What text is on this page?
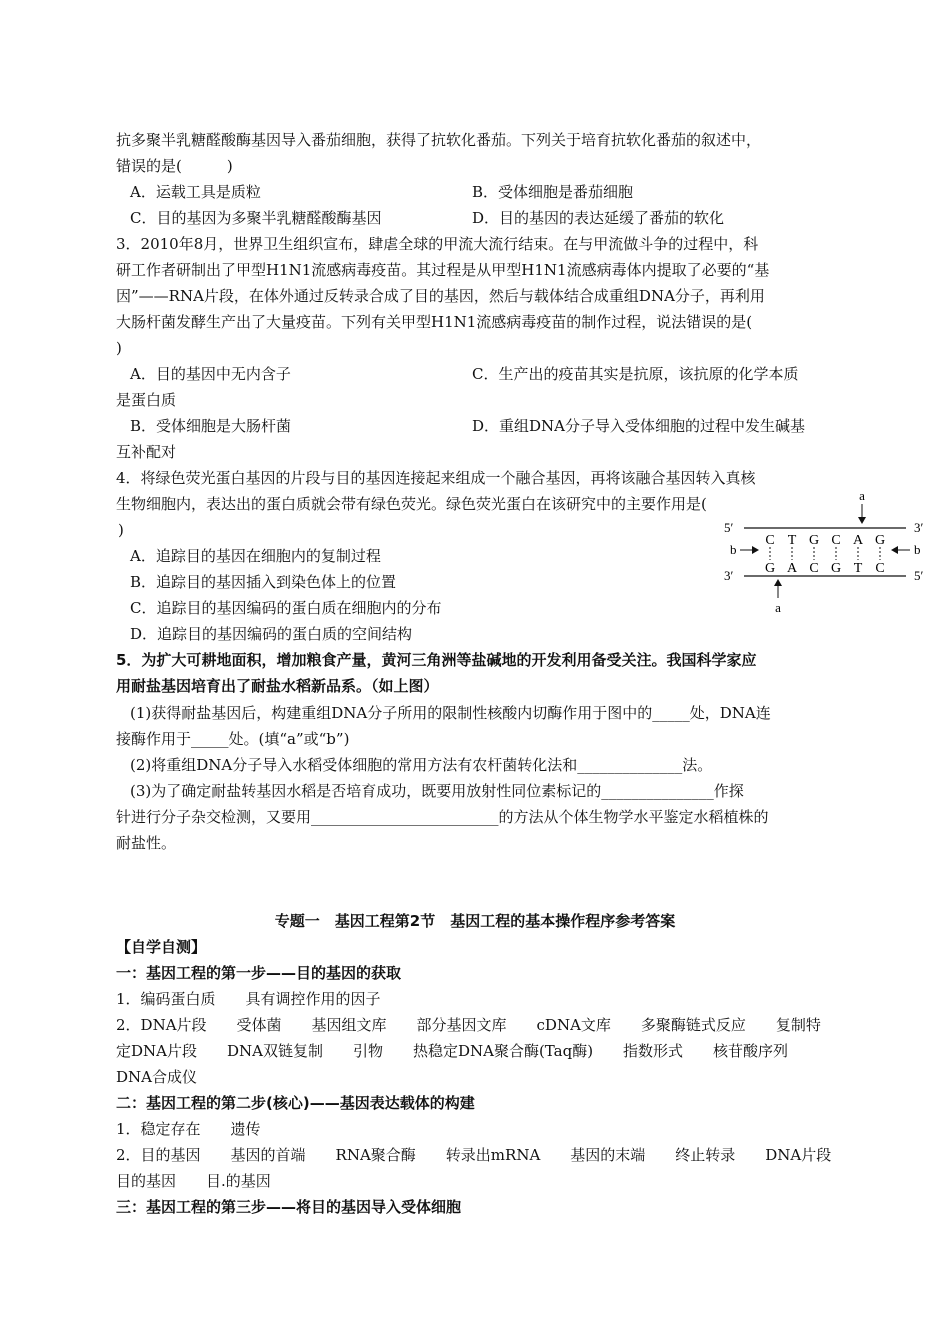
抗多聚半乳糖醛酸酶基因导入番茄细胞，获得了抗软化番茄。下列关于培育抗软化番茄的叙述中，
错误的是(　　　)
A．运载工具是质粒	B．受体细胞是番茄细胞
C．目的基因为多聚半乳糖醛酸酶基因	D．目的基因的表达延缓了番茄的软化
3．2010年8月，世界卫生组织宣布，肆虐全球的甲流大流行结束。在与甲流做斗争的过程中，科
研工作者研制出了甲型H1N1流感病毒疫苗。其过程是从甲型H1N1流感病毒体内提取了必要的“基
因”——RNA片段，在体外通过反转录合成了目的基因，然后与载体结合成重组DNA分子，再利用
大肠杆菌发酵生产出了大量疫苗。下列有关甲型H1N1流感病毒疫苗的制作过程，说法错误的是(
)
A．目的基因中无内含子	C．生产出的疫苗其实是抗原，该抗原的化学本质
是蛋白质
B．受体细胞是大肠杆菌	D．重组DNA分子导入受体细胞的过程中发生碱基
互补配对
4．将绿色荧光蛋白基因的片段与目的基因连接起来组成一个融合基因，再将该融合基因转入真核
生物细胞内，表达出的蛋白质就会带有绿色荧光。绿色荧光蛋白在该研究中的主要作用是(
)
A．追踪目的基因在细胞内的复制过程
B．追踪目的基因插入到染色体上的位置
C．追踪目的基因编码的蛋白质在细胞内的分布
D．追踪目的基因编码的蛋白质的空间结构
a
5′	3′
C T G C A G
b	b
G A C G T C
3′	5′
a
5．为扩大可耕地面积，增加粮食产量，黄河三角洲等盐碱地的开发利用备受关注。我国科学家应
用耐盐基因培育出了耐盐水稻新品系。（如上图）
(1)获得耐盐基因后，构建重组DNA分子所用的限制性核酸内切酶作用于图中的_____处，DNA连
接酶作用于_____处。(填“a”或“b”)
(2)将重组DNA分子导入水稻受体细胞的常用方法有农杆菌转化法和______________法。
(3)为了确定耐盐转基因水稻是否培育成功，既要用放射性同位素标记的_______________作探
针进行分子杂交检测，又要用_________________________的方法从个体生物学水平鉴定水稻植株的
耐盐性。
专题一　基因工程第2节　基因工程的基本操作程序参考答案
【自学自测】
一：基因工程的第一步——目的基因的获取
1．编码蛋白质　　具有调控作用的因子
2．DNA片段　　受体菌　　基因组文库　　部分基因文库　　cDNA文库　　多聚酶链式反应　　复制特
定DNA片段　　DNA双链复制　　引物　　热稳定DNA聚合酶(Taq酶)　　指数形式　　核苷酸序列
DNA合成仪
二：基因工程的第二步(核心)——基因表达载体的构建
1．稳定存在　　遗传
2．目的基因　　基因的首端　　RNA聚合酶　　转录出mRNA　　基因的末端　　终止转录　　DNA片段
目的基因　　目.的基因
三：基因工程的第三步——将目的基因导入受体细胞
